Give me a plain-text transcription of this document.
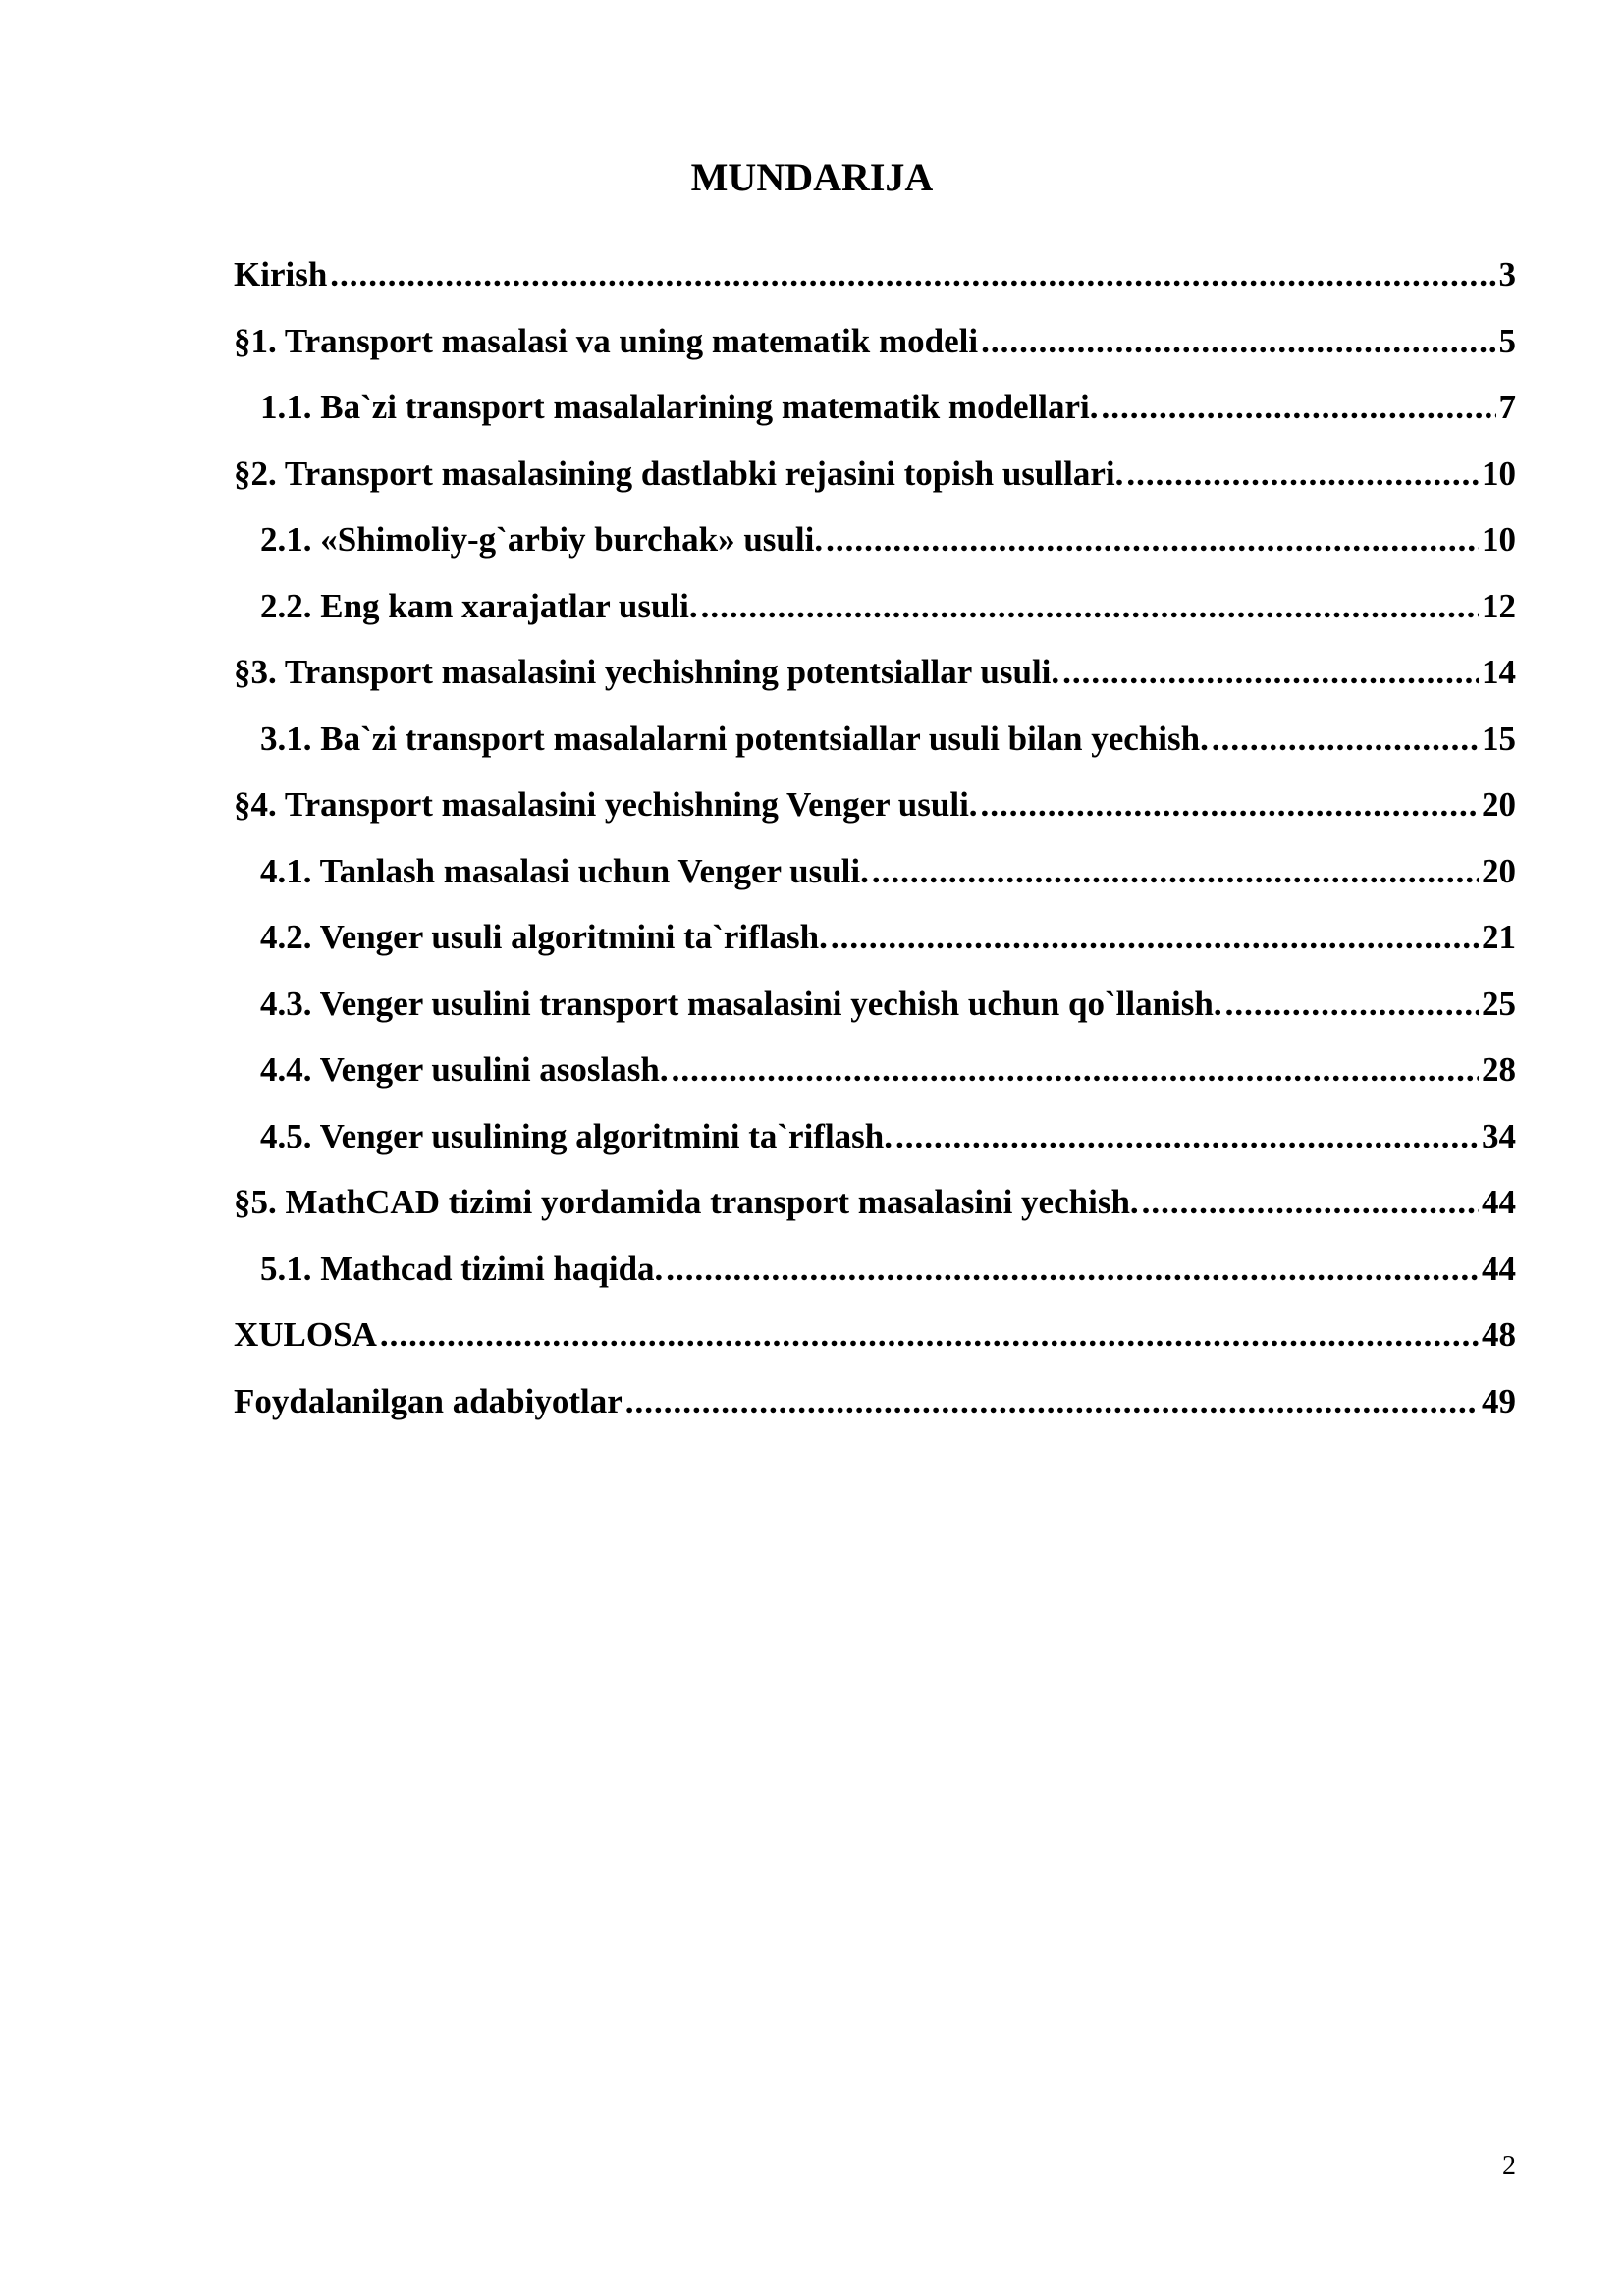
MUNDARIJA
Kirish .....	3
§1. Transport masalasi va uning matematik modeli .....	5
1.1. Ba`zi transport masalalarining matematik modellari. .....	7
§2. Transport masalasining dastlabki rejasini topish usullari. .....	10
2.1. «Shimoliy-g`arbiy burchak» usuli. .....	10
2.2. Eng kam xarajatlar usuli. .....	12
§3. Transport masalasini yechishning potentsiallar usuli. .....	14
3.1. Ba`zi transport masalalarni potentsiallar usuli bilan yechish. .....	15
§4. Transport masalasini yechishning Venger usuli. .....	20
4.1. Tanlash masalasi uchun Venger usuli. .....	20
4.2. Venger usuli algoritmini ta`riflash. .....	21
4.3. Venger usulini transport masalasini yechish uchun qo`llanish. .....	25
4.4. Venger usulini asoslash. .....	28
4.5. Venger usulining algoritmini ta`riflash. .....	34
§5. MathCAD tizimi yordamida transport masalasini yechish. .....	44
5.1. Mathcad tizimi haqida. .....	44
XULOSA .....	48
Foydalanilgan adabiyotlar .....	49
2
